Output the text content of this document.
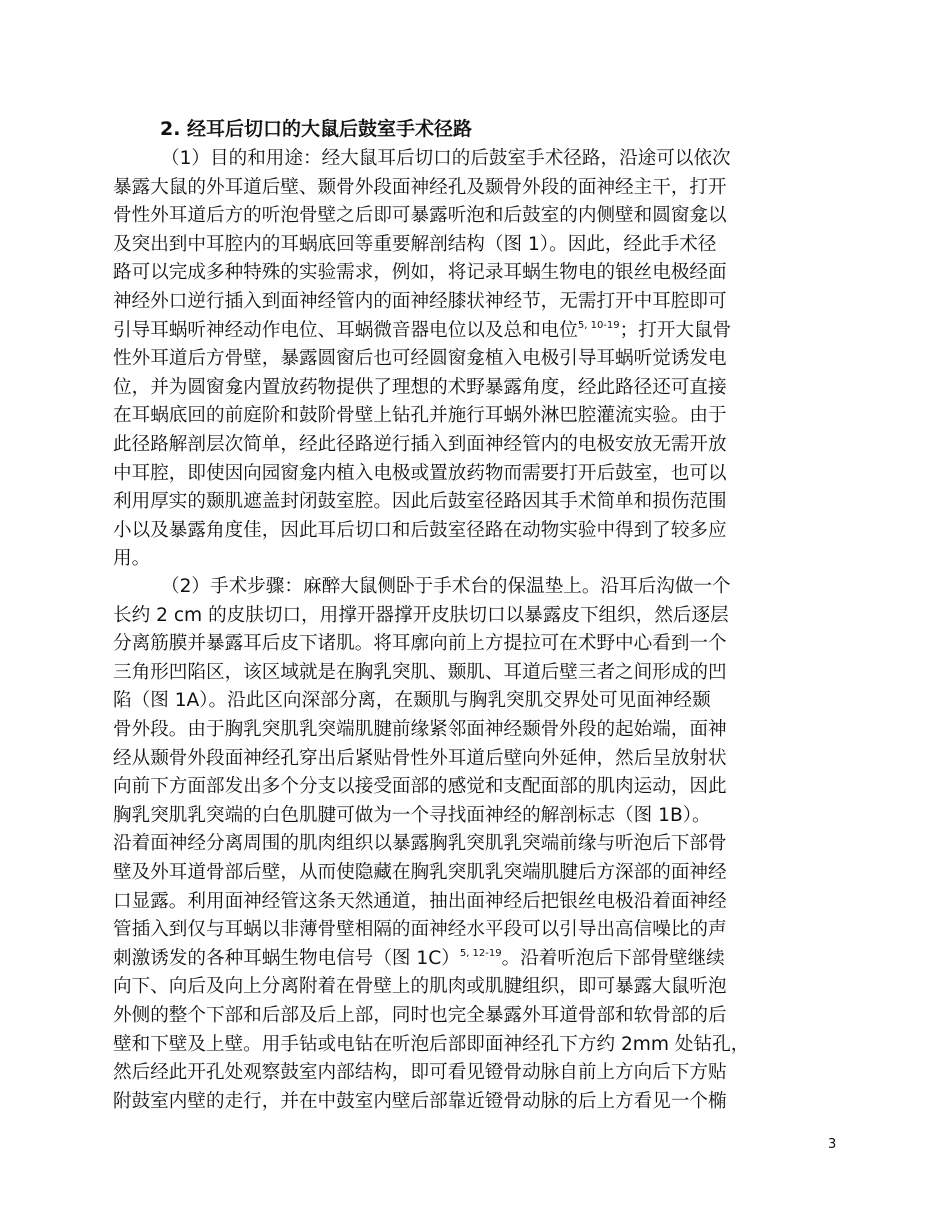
2. 经耳后切口的大鼠后鼓室手术径路
（1）目的和用途：经大鼠耳后切口的后鼓室手术径路，沿途可以依次
暴露大鼠的外耳道后壁、颞骨外段面神经孔及颞骨外段的面神经主干，打开
骨性外耳道后方的听泡骨壁之后即可暴露听泡和后鼓室的内侧壁和圆窗龛以
及突出到中耳腔内的耳蜗底回等重要解剖结构（图 1）。因此，经此手术径
路可以完成多种特殊的实验需求，例如，将记录耳蜗生物电的银丝电极经面
神经外口逆行插入到面神经管内的面神经膝状神经节，无需打开中耳腔即可
引导耳蜗听神经动作电位、耳蜗微音器电位以及总和电位$^{5, 10-19}$；打开大鼠骨
性外耳道后方骨壁，暴露圆窗后也可经圆窗龛植入电极引导耳蜗听觉诱发电
位，并为圆窗龛内置放药物提供了理想的术野暴露角度，经此路径还可直接
在耳蜗底回的前庭阶和鼓阶骨壁上钻孔并施行耳蜗外淋巴腔灌流实验。由于
此径路解剖层次简单，经此径路逆行插入到面神经管内的电极安放无需开放
中耳腔，即使因向园窗龛内植入电极或置放药物而需要打开后鼓室，也可以
利用厚实的颞肌遮盖封闭鼓室腔。因此后鼓室径路因其手术简单和损伤范围
小以及暴露角度佳，因此耳后切口和后鼓室径路在动物实验中得到了较多应
用。
（2）手术步骤：麻醉大鼠侧卧于手术台的保温垫上。沿耳后沟做一个
长约 2 cm 的皮肤切口，用撑开器撑开皮肤切口以暴露皮下组织，然后逐层
分离筋膜并暴露耳后皮下诸肌。将耳廓向前上方提拉可在术野中心看到一个
三角形凹陷区，该区域就是在胸乳突肌、颞肌、耳道后壁三者之间形成的凹
陷（图 1A）。沿此区向深部分离，在颞肌与胸乳突肌交界处可见面神经颞
骨外段。由于胸乳突肌乳突端肌腱前缘紧邻面神经颞骨外段的起始端，面神
经从颞骨外段面神经孔穿出后紧贴骨性外耳道后壁向外延伸，然后呈放射状
向前下方面部发出多个分支以接受面部的感觉和支配面部的肌肉运动，因此
胸乳突肌乳突端的白色肌腱可做为一个寻找面神经的解剖标志（图 1B）。
沿着面神经分离周围的肌肉组织以暴露胸乳突肌乳突端前缘与听泡后下部骨
壁及外耳道骨部后壁，从而使隐藏在胸乳突肌乳突端肌腱后方深部的面神经
口显露。利用面神经管这条天然通道，抽出面神经后把银丝电极沿着面神经
管插入到仅与耳蜗以非薄骨壁相隔的面神经水平段可以引导出高信噪比的声
刺激诱发的各种耳蜗生物电信号（图 1C）$^{5, 12-19}$。沿着听泡后下部骨壁继续
向下、向后及向上分离附着在骨壁上的肌肉或肌腱组织，即可暴露大鼠听泡
外侧的整个下部和后部及后上部，同时也完全暴露外耳道骨部和软骨部的后
壁和下壁及上壁。用手钻或电钻在听泡后部即面神经孔下方约 2mm 处钻孔，
然后经此开孔处观察鼓室内部结构，即可看见镫骨动脉自前上方向后下方贴
附鼓室内壁的走行，并在中鼓室内壁后部靠近镫骨动脉的后上方看见一个椭
3
